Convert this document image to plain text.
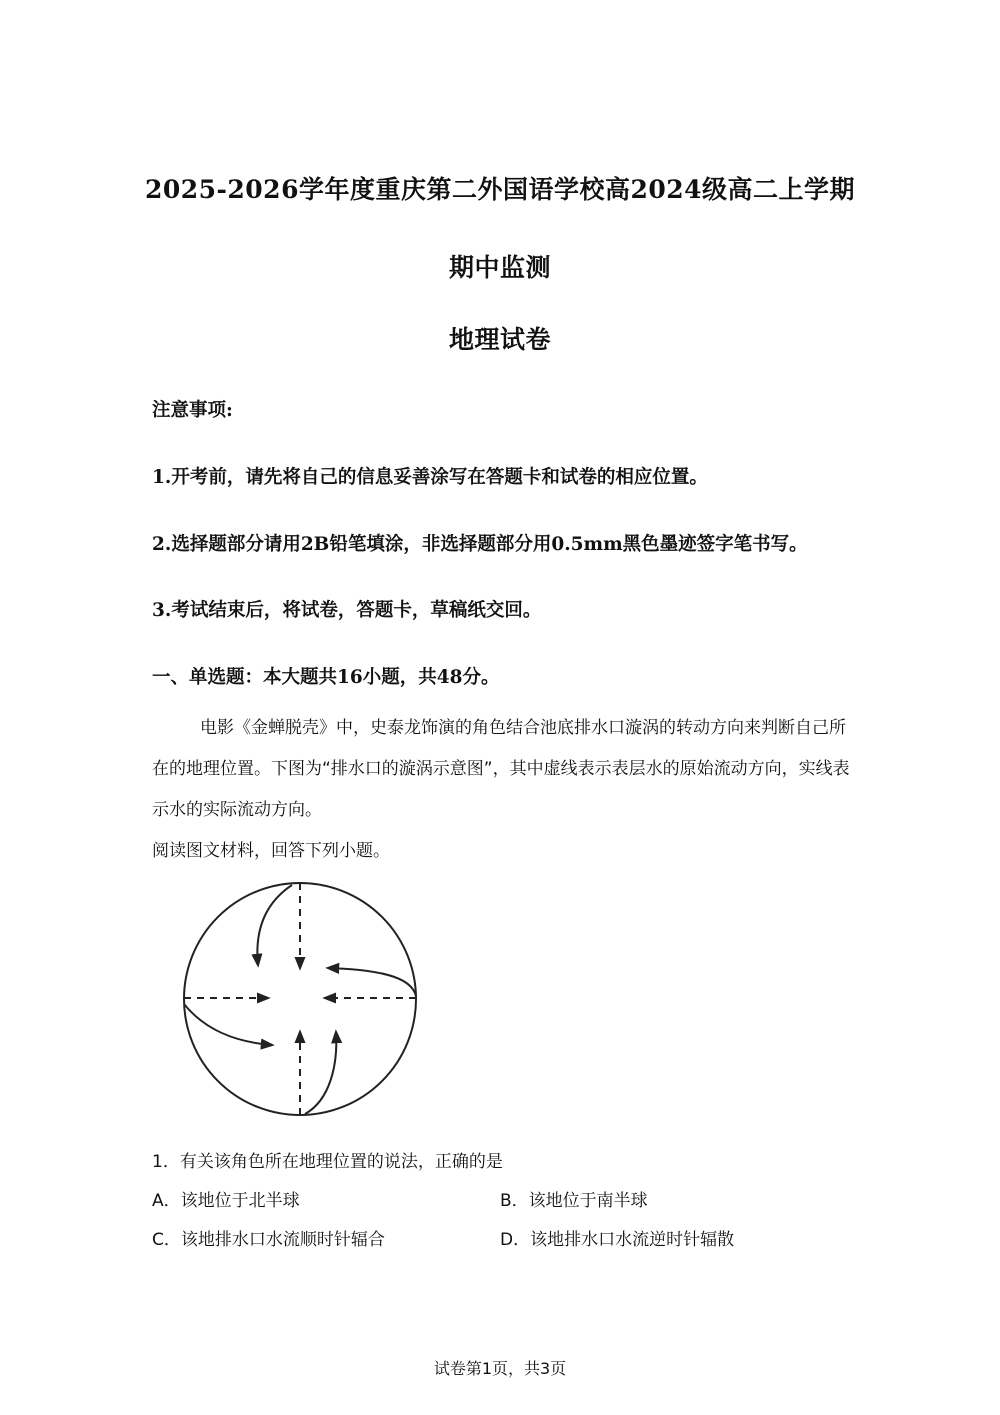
2025-2026学年度重庆第二外国语学校高2024级高二上学期
期中监测
地理试卷
注意事项:
1.开考前，请先将自己的信息妥善涂写在答题卡和试卷的相应位置。
2.选择题部分请用2B铅笔填涂，非选择题部分用0.5mm黑色墨迹签字笔书写。
3.考试结束后，将试卷，答题卡，草稿纸交回。
一、单选题：本大题共16小题，共48分。
电影《金蝉脱壳》中，史泰龙饰演的角色结合池底排水口漩涡的转动方向来判断自己所在的地理位置。下图为“排水口的漩涡示意图”，其中虚线表示表层水的原始流动方向，实线表示水的实际流动方向。
阅读图文材料，回答下列小题。
1．有关该角色所在地理位置的说法，正确的是
A．该地位于北半球	B．该地位于南半球
C．该地排水口水流顺时针辐合	D．该地排水口水流逆时针辐散
试卷第1页，共3页
